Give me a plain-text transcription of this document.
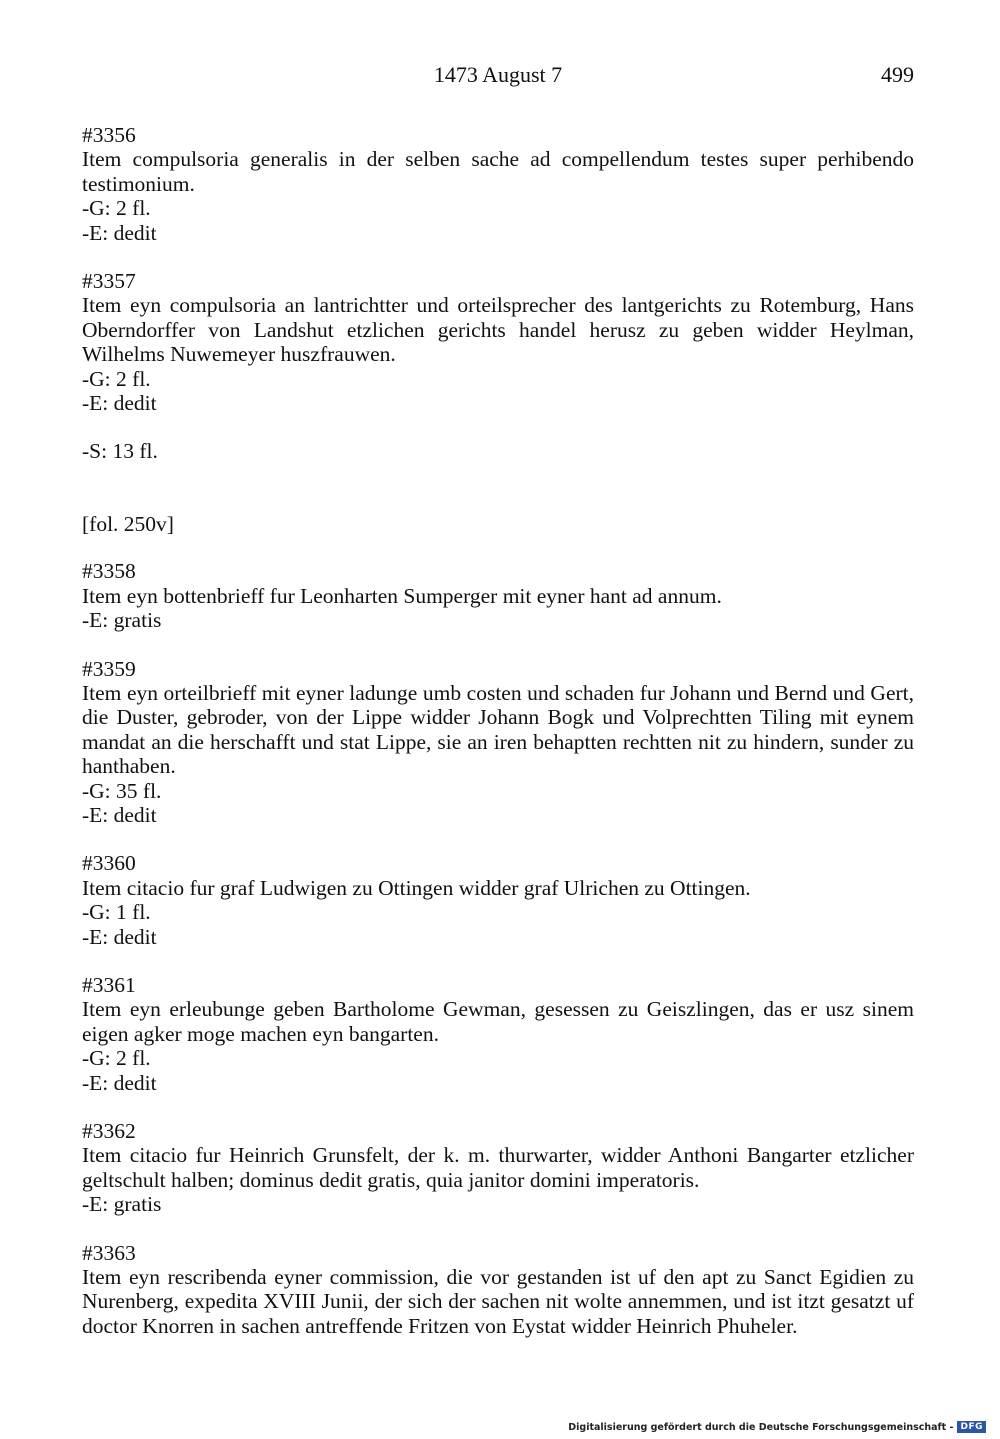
1473 August 7	499
#3356
Item compulsoria generalis in der selben sache ad compellendum testes super perhibendo testimonium.
-G: 2 fl.
-E: dedit
#3357
Item eyn compulsoria an lantrichtter und orteilsprecher des lantgerichts zu Rotemburg, Hans Oberndorffer von Landshut etzlichen gerichts handel herusz zu geben widder Heylman, Wilhelms Nuwemeyer huszfrauwen.
-G: 2 fl.
-E: dedit
-S: 13 fl.
[fol. 250v]
#3358
Item eyn bottenbrieff fur Leonharten Sumperger mit eyner hant ad annum.
-E: gratis
#3359
Item eyn orteilbrieff mit eyner ladunge umb costen und schaden fur Johann und Bernd und Gert, die Duster, gebroder, von der Lippe widder Johann Bogk und Volprechtten Tiling mit eynem mandat an die herschafft und stat Lippe, sie an iren behaptten rechtten nit zu hindern, sunder zu hanthaben.
-G: 35 fl.
-E: dedit
#3360
Item citacio fur graf Ludwigen zu Ottingen widder graf Ulrichen zu Ottingen.
-G: 1 fl.
-E: dedit
#3361
Item eyn erleubunge geben Bartholome Gewman, gesessen zu Geiszlingen, das er usz sinem eigen agker moge machen eyn bangarten.
-G: 2 fl.
-E: dedit
#3362
Item citacio fur Heinrich Grunsfelt, der k. m. thurwarter, widder Anthoni Bangarter etzlicher geltschult halben; dominus dedit gratis, quia janitor domini imperatoris.
-E: gratis
#3363
Item eyn rescribenda eyner commission, die vor gestanden ist uf den apt zu Sanct Egidien zu Nurenberg, expedita XVIII Junii, der sich der sachen nit wolte annemmen, und ist itzt gesatzt uf doctor Knorren in sachen antreffende Fritzen von Eystat widder Heinrich Phuheler.
Digitalisierung gefördert durch die Deutsche Forschungsgemeinschaft - DFG
